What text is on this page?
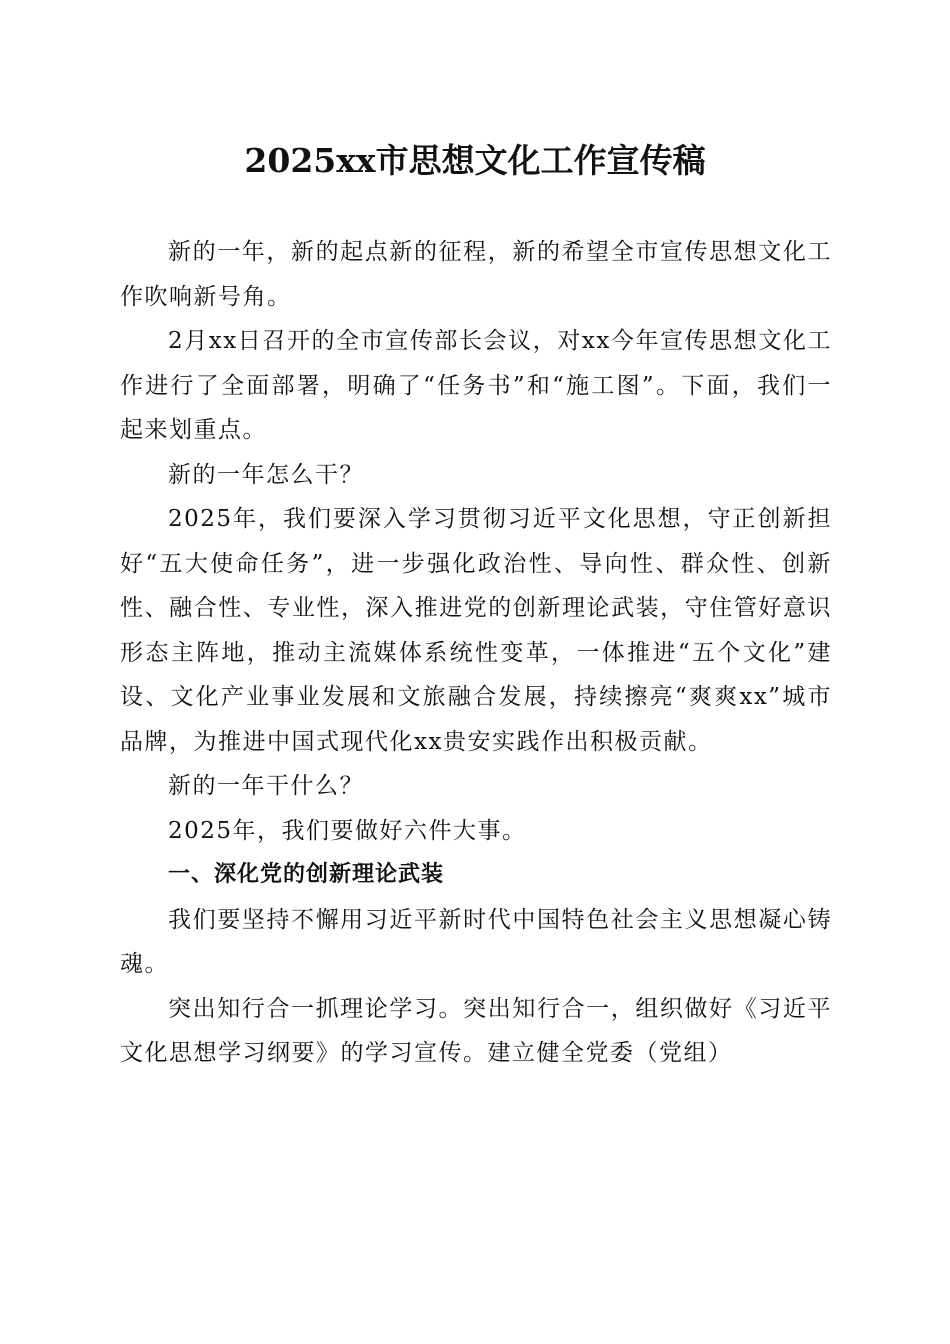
2025xx市思想文化工作宣传稿

新的一年，新的起点新的征程，新的希望全市宣传思想文化工作吹响新号角。

2月xx日召开的全市宣传部长会议，对xx今年宣传思想文化工作进行了全面部署，明确了“任务书”和“施工图”。下面，我们一起来划重点。

新的一年怎么干？

2025年，我们要深入学习贯彻习近平文化思想，守正创新担好“五大使命任务”，进一步强化政治性、导向性、群众性、创新性、融合性、专业性，深入推进党的创新理论武装，守住管好意识形态主阵地，推动主流媒体系统性变革，一体推进“五个文化”建设、文化产业事业发展和文旅融合发展，持续擦亮“爽爽xx”城市品牌，为推进中国式现代化xx贵安实践作出积极贡献。

新的一年干什么？

2025年，我们要做好六件大事。

一、深化党的创新理论武装

我们要坚持不懈用习近平新时代中国特色社会主义思想凝心铸魂。

突出知行合一抓理论学习。突出知行合一，组织做好《习近平文化思想学习纲要》的学习宣传。建立健全党委（党组）
